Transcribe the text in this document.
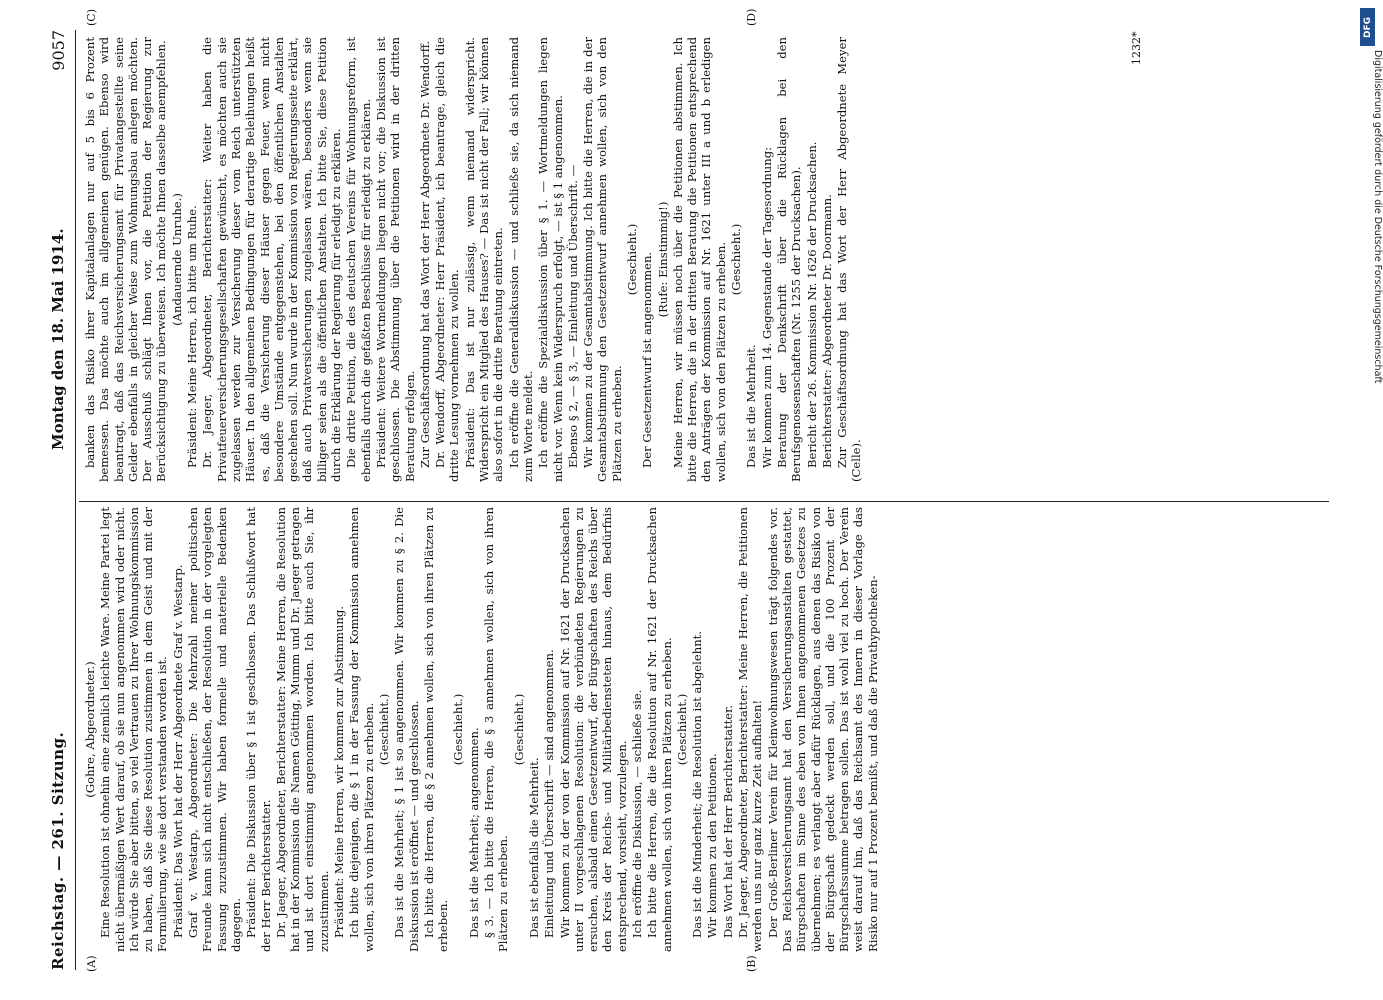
Reichstag. — 261. Sitzung.
Montag den 18. Mai 1914.
9057
(A)	(B)
(C)	(D)

(Gohre, Abgeordneter.) Eine Resolution ist ohnehin eine ziemlich leichte Ware. Meine Partei legt nicht übermäßigen Wert darauf, ob sie nun angenommen wird oder nicht. Ich würde Sie aber bitten, so viel Vertrauen zu Ihrer Wohnungskommission zu haben, daß Sie diese Resolution zustimmen in dem Geist und mit der Formulierung, wie sie dort verstanden worden ist. Präsident: Das Wort hat der Herr Abgeordnete Graf v. Westarp. Graf v. Westarp, Abgeordneter: Die Mehrzahl meiner politischen Freunde kann sich nicht entschließen, der Resolution in der vorgelegten Fassung zuzustimmen. Wir haben formelle und materielle Bedenken dagegen. Präsident: Die Diskussion über § 1 ist geschlossen. Das Schlußwort hat der Herr Berichterstatter. Dr. Jaeger, Abgeordneter, Berichterstatter: Meine Herren, die Resolution hat in der Kommission die Namen Götting, Mumm und Dr. Jaeger getragen und ist dort einstimmig angenommen worden. Ich bitte auch Sie, ihr zuzustimmen. Präsident: Meine Herren, wir kommen zur Abstimmung. Ich bitte diejenigen, die § 1 in der Fassung der Kommission annehmen wollen, sich von ihren Plätzen zu erheben. (Geschieht.) Das ist die Mehrheit; § 1 ist so angenommen. Wir kommen zu § 2. Die Diskussion ist eröffnet — und geschlossen. Ich bitte die Herren, die § 2 annehmen wollen, sich von ihren Plätzen zu erheben.

(Geschieht.) Das ist die Mehrheit; angenommen. § 3. — Ich bitte die Herren, die § 3 annehmen wollen, sich von ihren Plätzen zu erheben.

(Geschieht.)

Das ist ebenfalls die Mehrheit. Einleitung und Überschrift — sind angenommen. Wir kommen zu der von der Kommission auf Nr. 1621 der Drucksachen unter II vorgeschlagenen Resolution: die verbündeten Regierungen zu ersuchen, alsbald einen Gesetzentwurf, der Bürgschaften des Reichs über den Kreis der Reichs- und Militärbediensteten hinaus, dem Bedürfnis entsprechend, vorsieht, vorzulegen. Ich eröffne die Diskussion, — schließe sie. Ich bitte die Herren, die die Resolution auf Nr. 1621 der Drucksachen annehmen wollen, sich von ihren Plätzen zu erheben. (Geschieht.) Das ist die Minderheit; die Resolution ist abgelehnt. Wir kommen zu den Petitionen. Das Wort hat der Herr Berichterstatter. Dr. Jaeger, Abgeordneter, Berichterstatter: Meine Herren, die Petitionen werden uns nur ganz kurze Zeit aufhalten! Der Groß-Berliner Verein für Kleinwohnungswesen trägt folgendes vor. Das Reichsversicherungsamt hat den Versicherungsanstalten gestattet, Bürgschaften im Sinne des eben von Ihnen angenommenen Gesetzes zu übernehmen; es verlangt aber dafür Rücklagen, aus denen das Risiko von der Bürgschaft gedeckt werden soll, und die 100 Prozent der Bürgschaftssumme betragen sollen. Das ist wohl viel zu hoch. Der Verein weist darauf hin, daß das Reichsamt des Innern in dieser Vorlage das Risiko nur auf 1 Prozent bemißt, und daß die Privathypotheken-

banken das Risiko ihrer Kapitalanlagen nur auf 5 bis 6 Prozent bemessen. Das möchte auch im allgemeinen genügen. Ebenso wird beantragt, daß das Reichsversicherungsamt für Privatangestellte seine Gelder ebenfalls in gleicher Weise zum Wohnungsbau anlegen möchten. Der Ausschuß schlägt Ihnen vor, die Petition der Regierung zur Berücksichtigung zu überweisen. Ich möchte Ihnen dasselbe anempfehlen. (Andauernde Unruhe.) Präsident: Meine Herren, ich bitte um Ruhe. Dr. Jaeger, Abgeordneter, Berichterstatter: Weiter haben die Privatfeuerversicherungsgesellschaften gewünscht, es möchten auch sie zugelassen werden zur Versicherung dieser vom Reich unterstützten Häuser. In den allgemeinen Bedingungen für derartige Beleihungen heißt es, daß die Versicherung dieser Häuser gegen Feuer, wenn nicht besondere Umstände entgegenstehen, bei den öffentlichen Anstalten geschehen soll. Nun wurde in der Kommission von Regierungsseite erklärt, daß auch Privatversicherungen zugelassen wären, besonders wenn sie billiger seien als die öffentlichen Anstalten. Ich bitte Sie, diese Petition durch die Erklärung der Regierung für erledigt zu erklären. Die dritte Petition, die des deutschen Vereins für Wohnungsreform, ist ebenfalls durch die gefaßten Beschlüsse für erledigt zu erklären. Präsident: Weitere Wortmeldungen liegen nicht vor; die Diskussion ist geschlossen. Die Abstimmung über die Petitionen wird in der dritten Beratung erfolgen. Zur Geschäftsordnung hat das Wort der Herr Abgeordnete Dr. Wendorff. Dr. Wendorff, Abgeordneter: Herr Präsident, ich beantrage, gleich die dritte Lesung vornehmen zu wollen. Präsident: Das ist nur zulässig, wenn niemand widerspricht. Widerspricht ein Mitglied des Hauses? — Das ist nicht der Fall; wir können also sofort in die dritte Beratung eintreten. Ich eröffne die Generaldiskussion — und schließe sie, da sich niemand zum Worte meldet. Ich eröffne die Spezialdiskussion über § 1. — Wortmeldungen liegen nicht vor. Wenn kein Widerspruch erfolgt, — ist § 1 angenommen. Ebenso § 2, — § 3, — Einleitung und Überschrift. — Wir kommen zu der Gesamtabstimmung. Ich bitte die Herren, die in der Gesamtabstimmung den Gesetzentwurf annehmen wollen, sich von den Plätzen zu erheben.

(Geschieht.) Der Gesetzentwurf ist angenommen. (Rufe: Einstimmig!) Meine Herren, wir müssen noch über die Petitionen abstimmen. Ich bitte die Herren, die in der dritten Beratung die Petitionen entsprechend den Anträgen der Kommission auf Nr. 1621 unter III a und b erledigen wollen, sich von den Plätzen zu erheben. (Geschieht.)

Das ist die Mehrheit. Wir kommen zum 14. Gegenstande der Tagesordnung: Beratung der Denkschrift über die Rücklagen bei den Berufsgenossenschaften (Nr. 1255 der Drucksachen). Bericht der 26. Kommission Nr. 1626 der Drucksachen. Berichterstatter: Abgeordneter Dr. Doormann. Zur Geschäftsordnung hat das Wort der Herr Abgeordnete Meyer (Celle).

1232*
DFG
Digitalisierung gefördert durch die Deutsche Forschungsgemeinschaft
